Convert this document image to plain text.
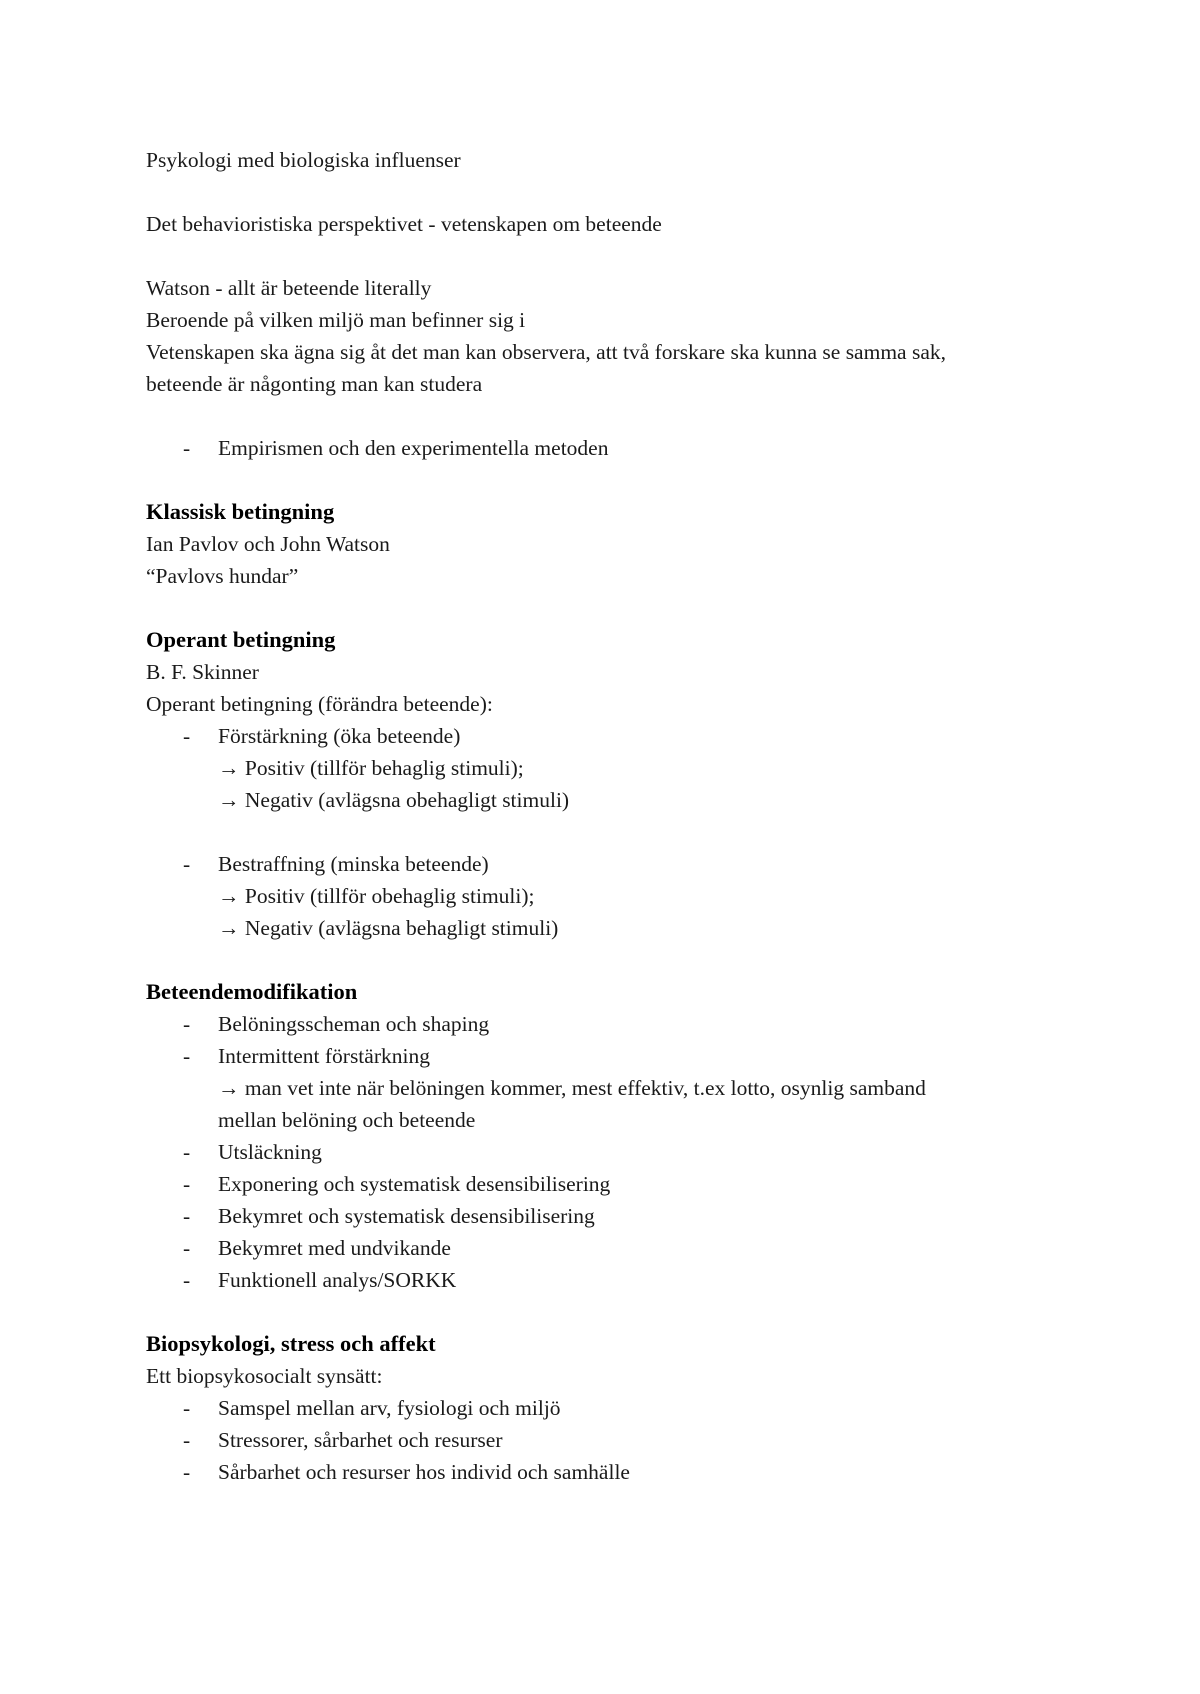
Psykologi med biologiska influenser
Det behavioristiska perspektivet - vetenskapen om beteende
Watson - allt är beteende literally
Beroende på vilken miljö man befinner sig i
Vetenskapen ska ägna sig åt det man kan observera, att två forskare ska kunna se samma sak,
beteende är någonting man kan studera
- Empirismen och den experimentella metoden
Klassisk betingning
Ian Pavlov och John Watson
“Pavlovs hundar”
Operant betingning
B. F. Skinner
Operant betingning (förändra beteende):
- Förstärkning (öka beteende)
→ Positiv (tillför behaglig stimuli);
→ Negativ (avlägsna obehagligt stimuli)
- Bestraffning (minska beteende)
→ Positiv (tillför obehaglig stimuli);
→ Negativ (avlägsna behagligt stimuli)
Beteendemodifikation
- Belöningsscheman och shaping
- Intermittent förstärkning
→ man vet inte när belöningen kommer, mest effektiv, t.ex lotto, osynlig samband
mellan belöning och beteende
- Utsläckning
- Exponering och systematisk desensibilisering
- Bekymret och systematisk desensibilisering
- Bekymret med undvikande
- Funktionell analys/SORKK
Biopsykologi, stress och affekt
Ett biopsykosocialt synsätt:
- Samspel mellan arv, fysiologi och miljö
- Stressorer, sårbarhet och resurser
- Sårbarhet och resurser hos individ och samhälle
